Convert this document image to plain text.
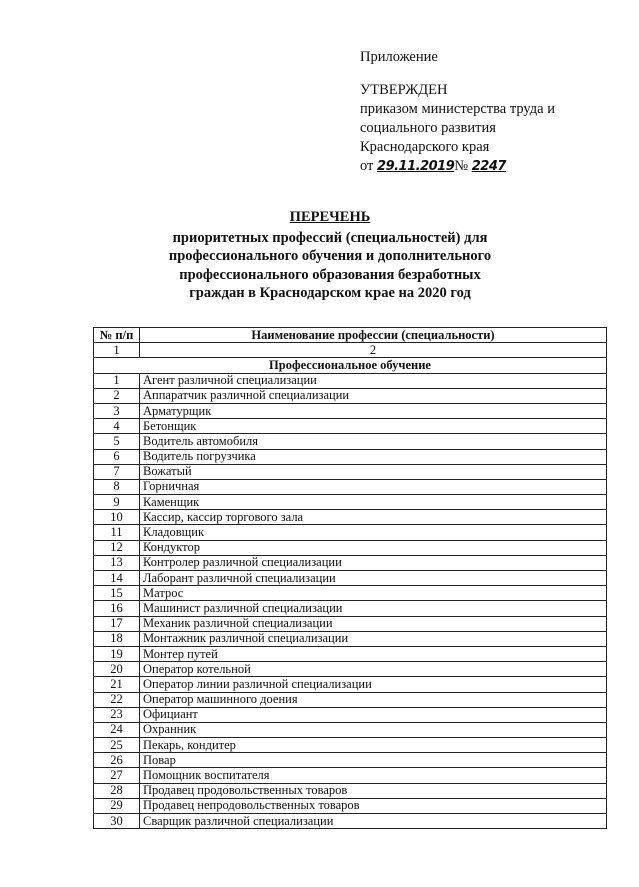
Приложение
УТВЕРЖДЕН
приказом министерства труда и
социального развития
Краснодарского края
от 29.11.2019№ 2247
ПЕРЕЧЕНЬ
приоритетных профессий (специальностей) для
профессионального обучения и дополнительного
профессионального образования безработных
граждан в Краснодарском крае на 2020 год
№ п/п	Наименование профессии (специальности)
1	2
Профессиональное обучение	
1	Агент различной специализации
2	Аппаратчик различной специализации
3	Арматурщик
4	Бетонщик
5	Водитель автомобиля
6	Водитель погрузчика
7	Вожатый
8	Горничная
9	Каменщик
10	Кассир, кассир торгового зала
11	Кладовщик
12	Кондуктор
13	Контролер различной специализации
14	Лаборант различной специализации
15	Матрос
16	Машинист различной специализации
17	Механик различной специализации
18	Монтажник различной специализации
19	Монтер путей
20	Оператор котельной
21	Оператор линии различной специализации
22	Оператор машинного доения
23	Официант
24	Охранник
25	Пекарь, кондитер
26	Повар
27	Помощник воспитателя
28	Продавец продовольственных товаров
29	Продавец непродовольственных товаров
30	Сварщик различной специализации
